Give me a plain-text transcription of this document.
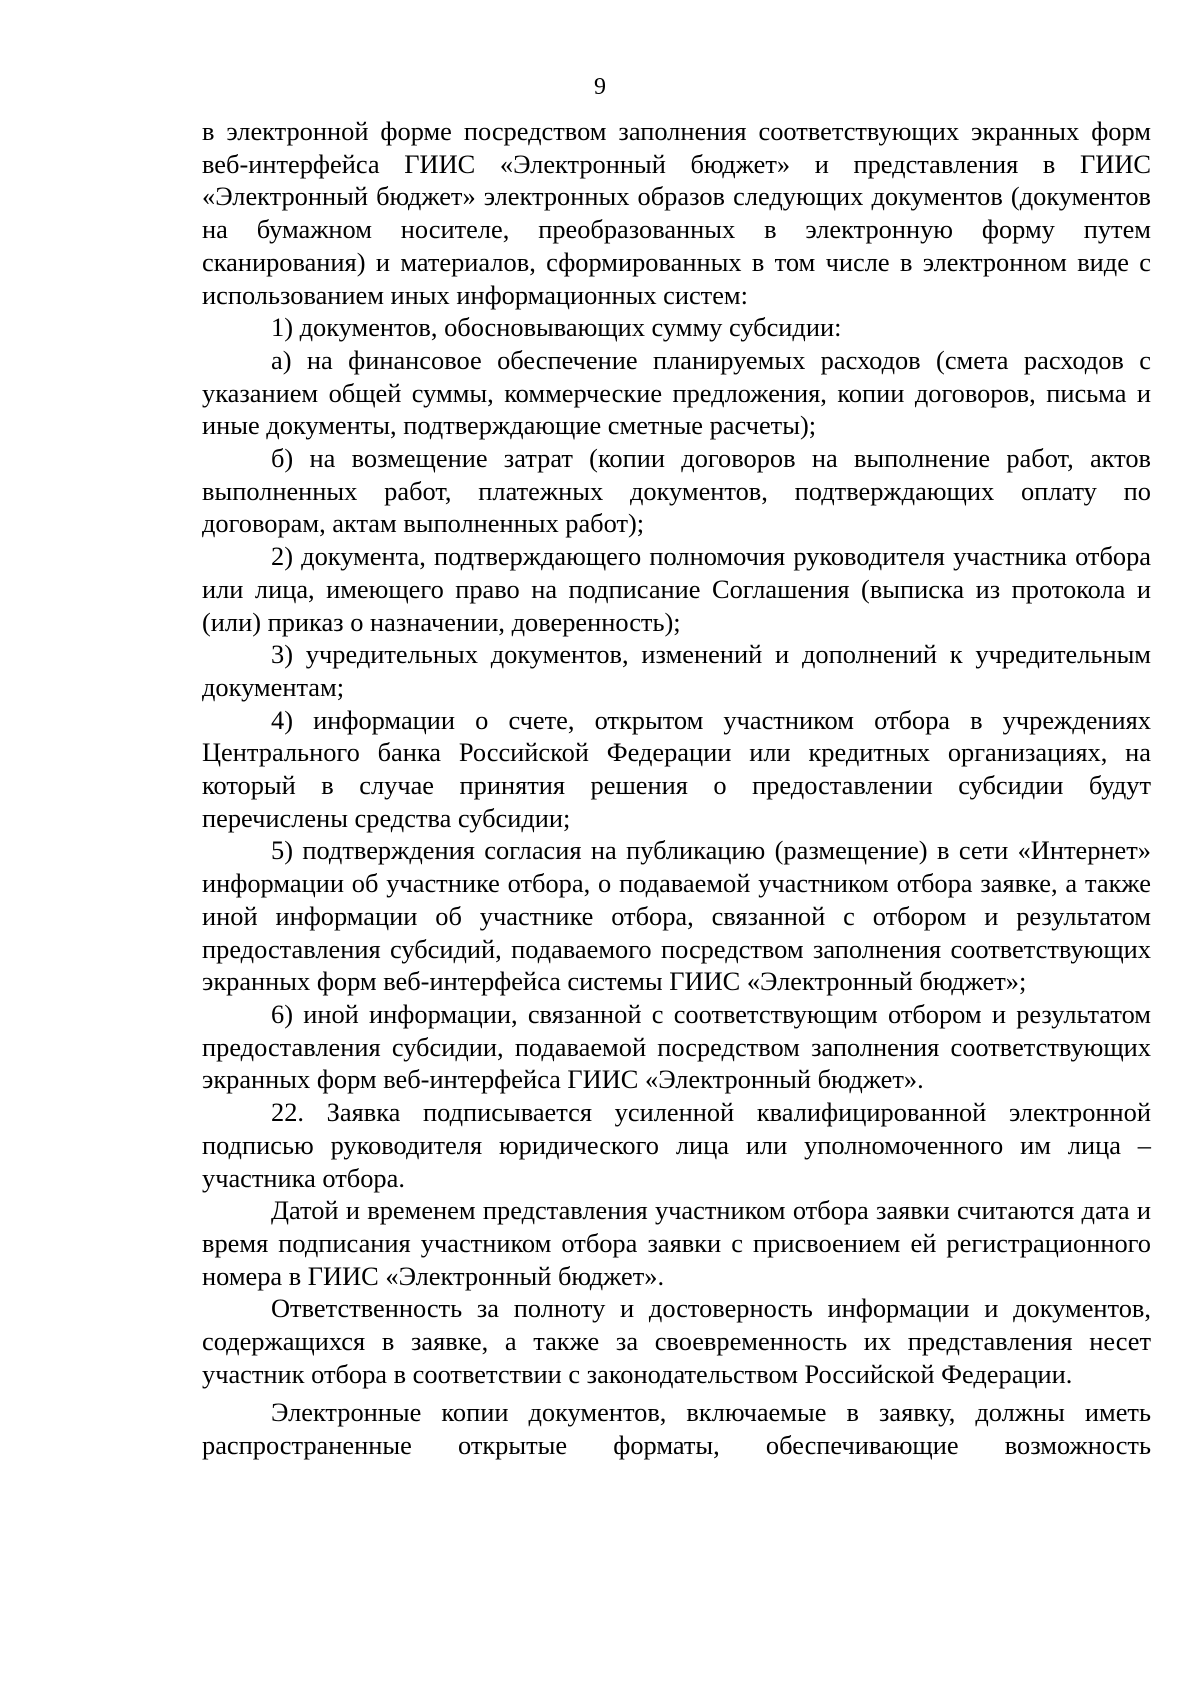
9

в электронной форме посредством заполнения соответствующих экранных форм веб-интерфейса ГИИС «Электронный бюджет» и представления в ГИИС «Электронный бюджет» электронных образов следующих документов (документов на бумажном носителе, преобразованных в электронную форму путем сканирования) и материалов, сформированных в том числе в электронном виде с использованием иных информационных систем:

1) документов, обосновывающих сумму субсидии:

а) на финансовое обеспечение планируемых расходов (смета расходов с указанием общей суммы, коммерческие предложения, копии договоров, письма и иные документы, подтверждающие сметные расчеты);

б) на возмещение затрат (копии договоров на выполнение работ, актов выполненных работ, платежных документов, подтверждающих оплату по договорам, актам выполненных работ);

2) документа, подтверждающего полномочия руководителя участника отбора или лица, имеющего право на подписание Соглашения (выписка из протокола и (или) приказ о назначении, доверенность);

3) учредительных документов, изменений и дополнений к учредительным документам;

4) информации о счете, открытом участником отбора в учреждениях Центрального банка Российской Федерации или кредитных организациях, на который в случае принятия решения о предоставлении субсидии будут перечислены средства субсидии;

5) подтверждения согласия на публикацию (размещение) в сети «Интернет» информации об участнике отбора, о подаваемой участником отбора заявке, а также иной информации об участнике отбора, связанной с отбором и результатом предоставления субсидий, подаваемого посредством заполнения соответствующих экранных форм веб-интерфейса системы ГИИС «Электронный бюджет»;

6) иной информации, связанной с соответствующим отбором и результатом предоставления субсидии, подаваемой посредством заполнения соответствующих экранных форм веб-интерфейса ГИИС «Электронный бюджет».

22. Заявка подписывается усиленной квалифицированной электронной подписью руководителя юридического лица или уполномоченного им лица – участника отбора.

Датой и временем представления участником отбора заявки считаются дата и время подписания участником отбора заявки с присвоением ей регистрационного номера в ГИИС «Электронный бюджет».

Ответственность за полноту и достоверность информации и документов, содержащихся в заявке, а также за своевременность их представления несет участник отбора в соответствии с законодательством Российской Федерации.

Электронные копии документов, включаемые в заявку, должны иметь распространенные открытые форматы, обеспечивающие возможность
